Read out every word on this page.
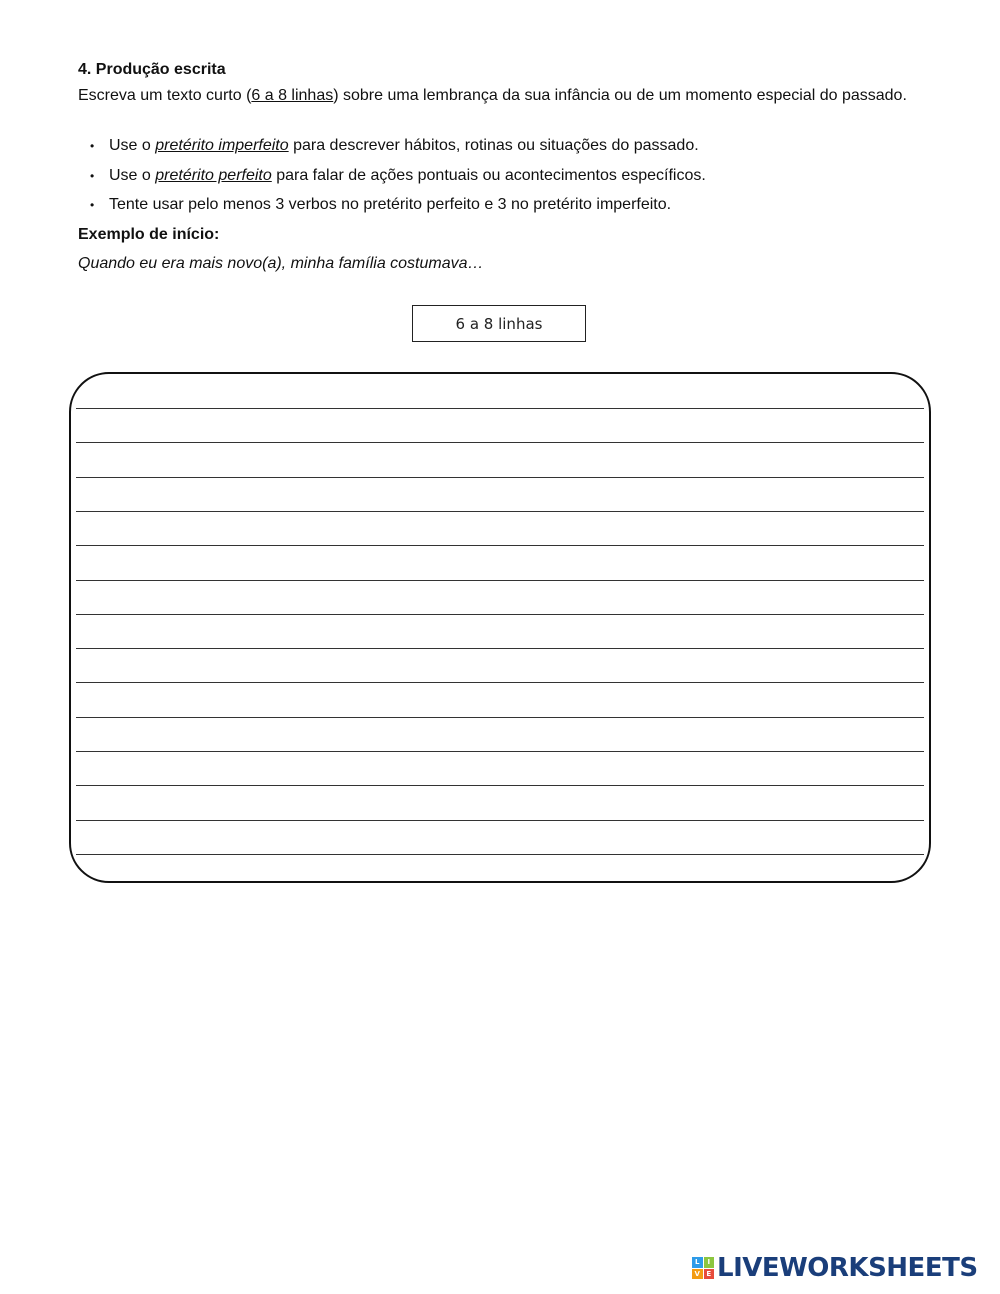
4. Produção escrita

Escreva um texto curto (6 a 8 linhas) sobre uma lembrança da sua infância ou de um momento especial do passado.

• Use o pretérito imperfeito para descrever hábitos, rotinas ou situações do passado.
• Use o pretérito perfeito para falar de ações pontuais ou acontecimentos específicos.
• Tente usar pelo menos 3 verbos no pretérito perfeito e 3 no pretérito imperfeito.
Exemplo de início:

Quando eu era mais novo(a), minha família costumava…

6 a 8 linhas
L	I
V E LIVEWORKSHEETS
